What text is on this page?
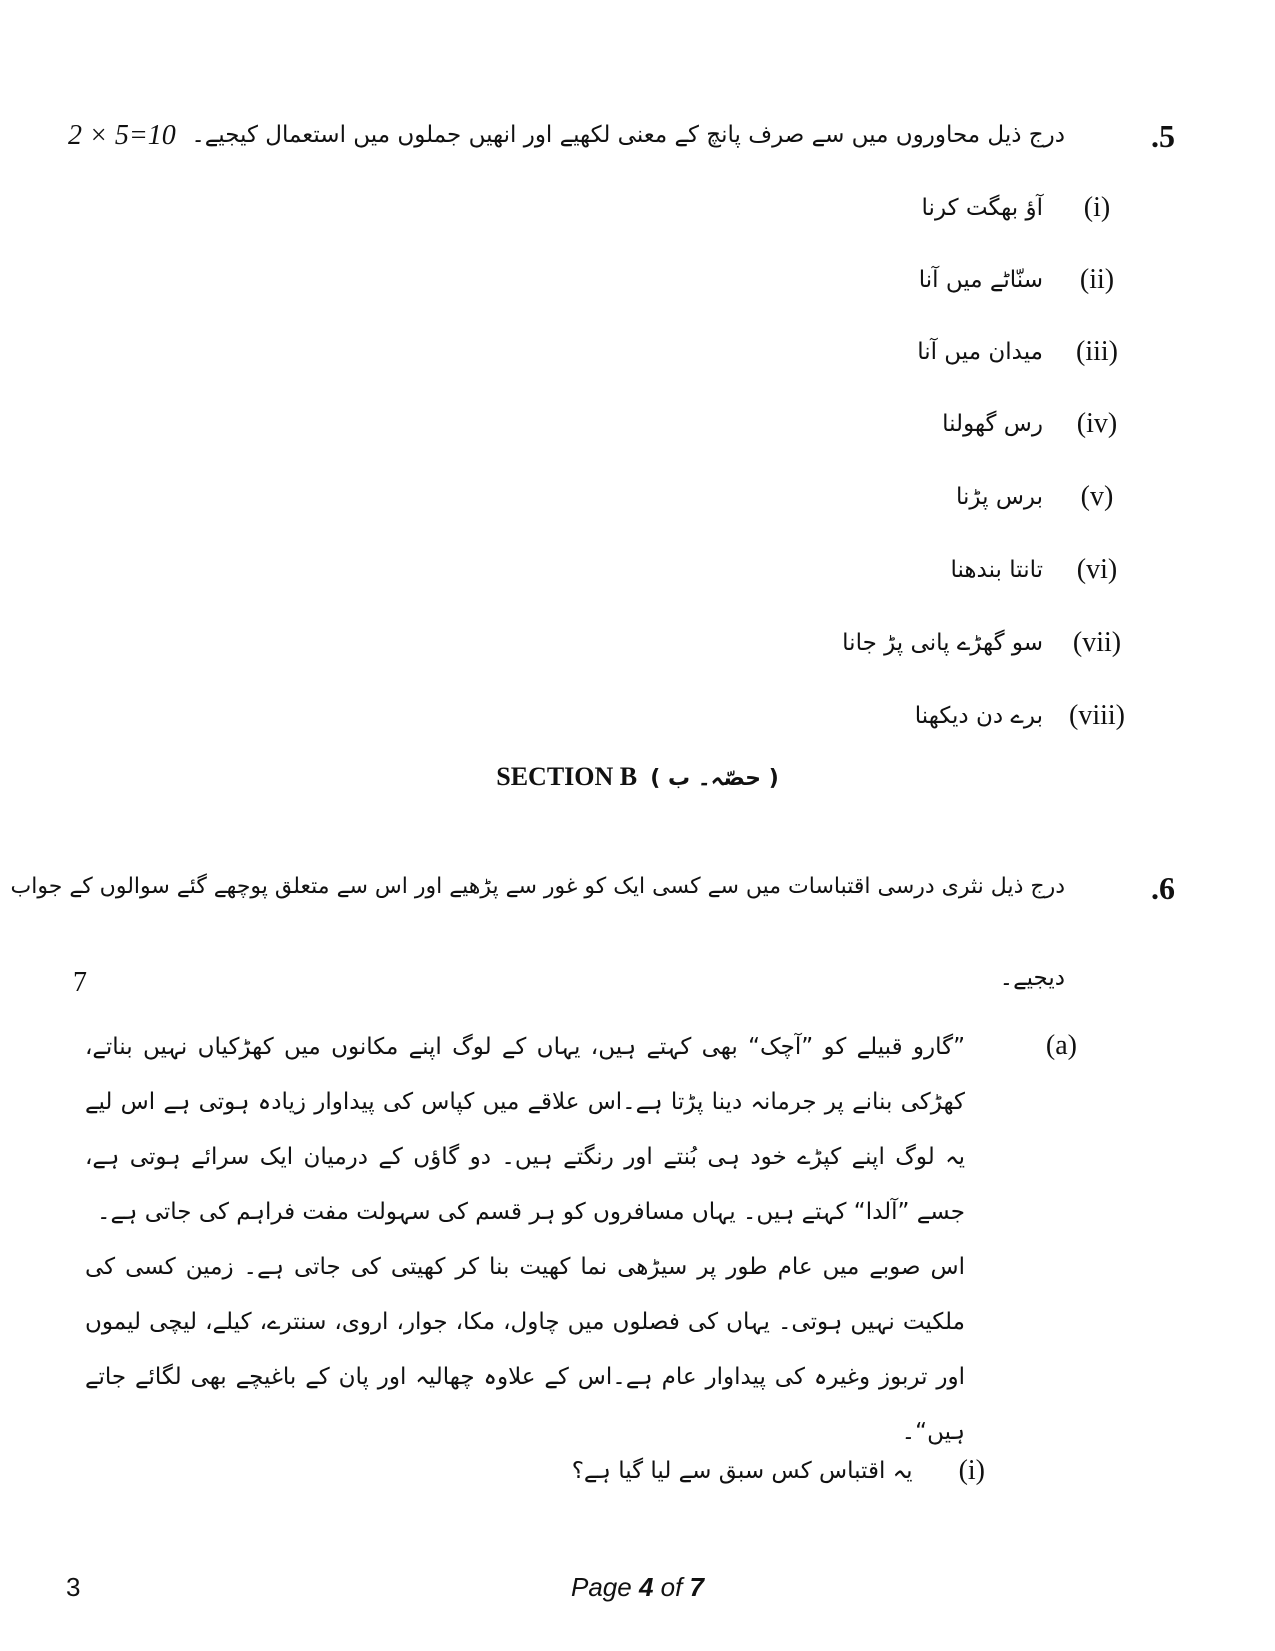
.5
درج ذیل محاوروں میں سے صرف پانچ کے معنی لکھیے اور انھیں جملوں میں استعمال کیجیے۔
2 × 5=10
(i)
آؤ بھگت کرنا
(ii)
سنّاٹے میں آنا
(iii)
میدان میں آنا
(iv)
رس گھولنا
(v)
برس پڑنا
(vi)
تانتا بندھنا
(vii)
سو گھڑے پانی پڑ جانا
(viii)
برے دن دیکھنا
SECTION B ( حصّہ۔ ب )
.6
درج ذیل نثری درسی اقتباسات میں سے کسی ایک کو غور سے پڑھیے اور اس سے متعلق پوچھے گئے سوالوں کے جواب
دیجیے۔
7
(a)
”گارو قبیلے کو ”آچک“ بھی کہتے ہیں، یہاں کے لوگ اپنے مکانوں میں کھڑکیاں نہیں بناتے، کھڑکی بنانے پر جرمانہ دینا پڑتا ہے۔اس علاقے میں کپاس کی پیداوار زیادہ ہوتی ہے اس لیے یہ لوگ اپنے کپڑے خود ہی بُنتے اور رنگتے ہیں۔ دو گاؤں کے درمیان ایک سرائے ہوتی ہے، جسے ”آلدا“ کہتے ہیں۔ یہاں مسافروں کو ہر قسم کی سہولت مفت فراہم کی جاتی ہے۔
اس صوبے میں عام طور پر سیڑھی نما کھیت بنا کر کھیتی کی جاتی ہے۔ زمین کسی کی ملکیت نہیں ہوتی۔ یہاں کی فصلوں میں چاول، مکا، جوار، اروی، سنترے، کیلے، لیچی لیموں اور تربوز وغیرہ کی پیداوار عام ہے۔اس کے علاوہ چھالیہ اور پان کے باغیچے بھی لگائے جاتے ہیں“۔
(i)
یہ اقتباس کس سبق سے لیا گیا ہے؟
3	Page 4 of 7
